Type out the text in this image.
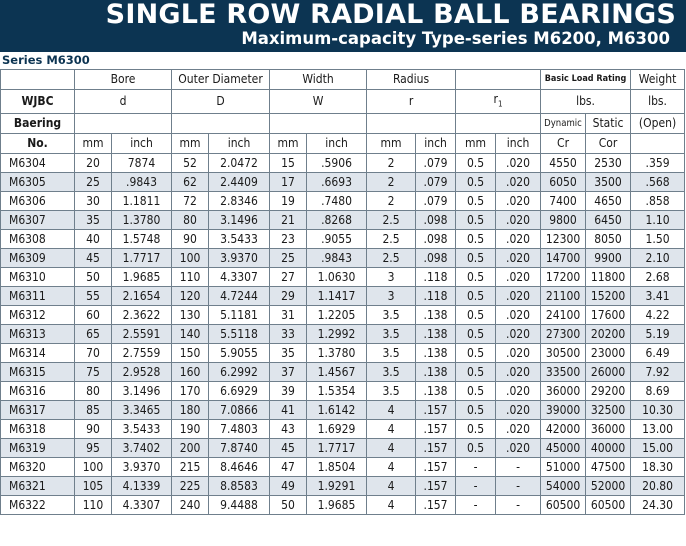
SINGLE ROW RADIAL BALL BEARINGS
Maximum-capacity Type-series M6200, M6300
Series M6300
	Bore		Outer Diameter		Width		Radius				Basic Load Rating		Weight
WJBC	d		D		W		r		$r_1$		lbs.		lbs.
Baering											Dynamic	Static	(Open)
No.	mm	inch	mm	inch	mm	inch	mm	inch	mm	inch	Cr	Cor	
M6304	20	7874	52	2.0472	15	.5906	2	.079	0.5	.020	4550	2530	.359
M6305	25	.9843	62	2.4409	17	.6693	2	.079	0.5	.020	6050	3500	.568
M6306	30	1.1811	72	2.8346	19	.7480	2	.079	0.5	.020	7400	4650	.858
M6307	35	1.3780	80	3.1496	21	.8268	2.5	.098	0.5	.020	9800	6450	1.10
M6308	40	1.5748	90	3.5433	23	.9055	2.5	.098	0.5	.020	12300	8050	1.50
M6309	45	1.7717	100	3.9370	25	.9843	2.5	.098	0.5	.020	14700	9900	2.10
M6310	50	1.9685	110	4.3307	27	1.0630	3	.118	0.5	.020	17200	11800	2.68
M6311	55	2.1654	120	4.7244	29	1.1417	3	.118	0.5	.020	21100	15200	3.41
M6312	60	2.3622	130	5.1181	31	1.2205	3.5	.138	0.5	.020	24100	17600	4.22
M6313	65	2.5591	140	5.5118	33	1.2992	3.5	.138	0.5	.020	27300	20200	5.19
M6314	70	2.7559	150	5.9055	35	1.3780	3.5	.138	0.5	.020	30500	23000	6.49
M6315	75	2.9528	160	6.2992	37	1.4567	3.5	.138	0.5	.020	33500	26000	7.92
M6316	80	3.1496	170	6.6929	39	1.5354	3.5	.138	0.5	.020	36000	29200	8.69
M6317	85	3.3465	180	7.0866	41	1.6142	4	.157	0.5	.020	39000	32500	10.30
M6318	90	3.5433	190	7.4803	43	1.6929	4	.157	0.5	.020	42000	36000	13.00
M6319	95	3.7402	200	7.8740	45	1.7717	4	.157	0.5	.020	45000	40000	15.00
M6320	100	3.9370	215	8.4646	47	1.8504	4	.157	-	-	51000	47500	18.30
M6321	105	4.1339	225	8.8583	49	1.9291	4	.157	-	-	54000	52000	20.80
M6322	110	4.3307	240	9.4488	50	1.9685	4	.157	-	-	60500	60500	24.30
